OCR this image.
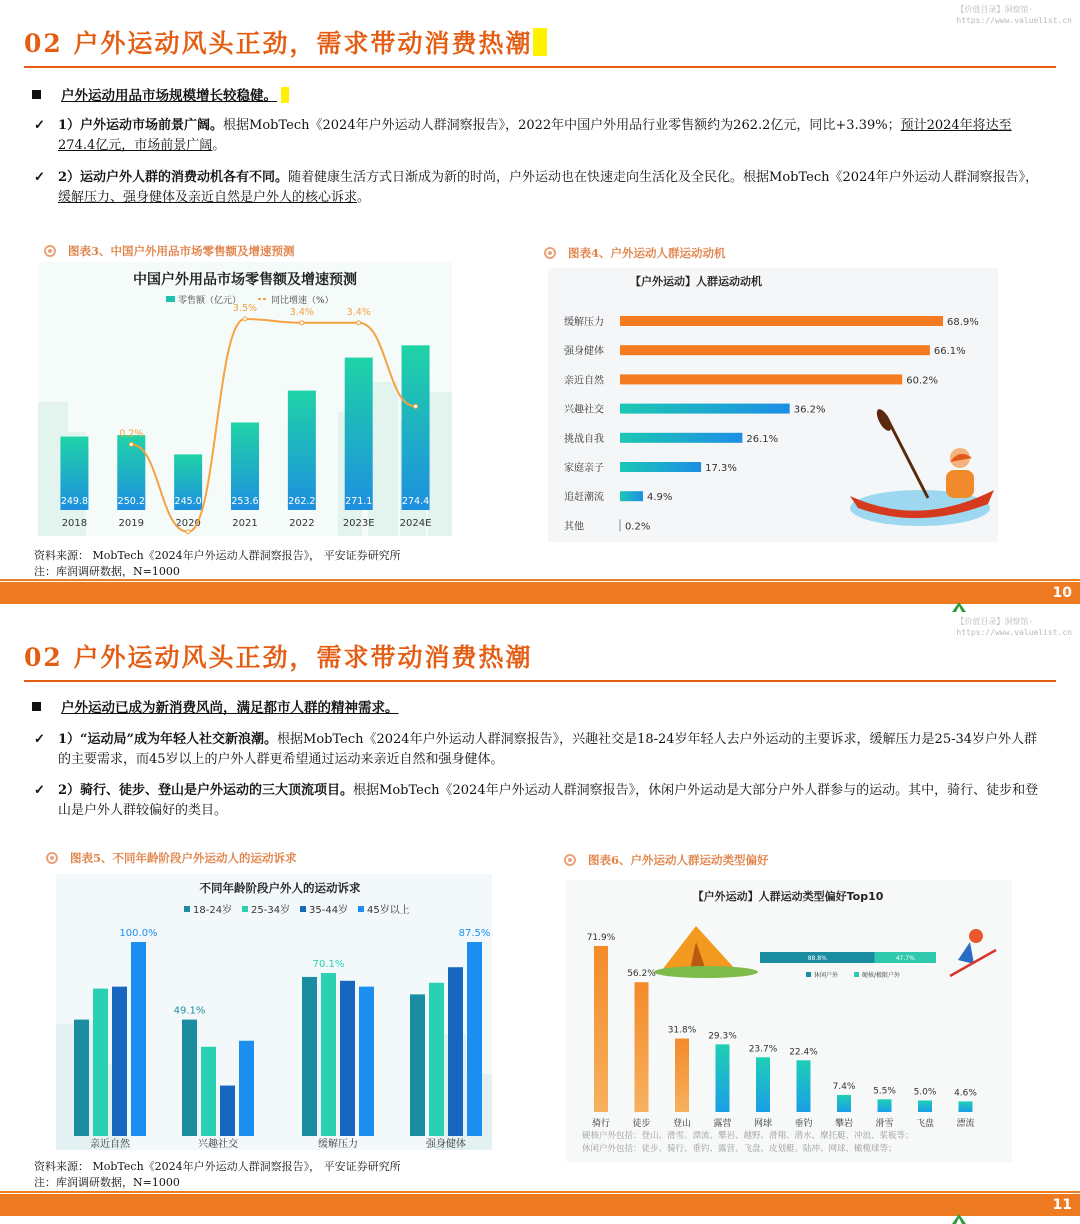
【价值目录】洞察馆·
https://www.valuelist.cn
02 户外运动风头正劲，需求带动消费热潮
户外运动用品市场规模增长较稳健。
✓ 1）户外运动市场前景广阔。根据MobTech《2024年户外运动人群洞察报告》，2022年中国户外用品行业零售额约为262.2亿元，同比+3.39%；预计2024年将达至274.4亿元，市场前景广阔。
✓ 2）运动户外人群的消费动机各有不同。随着健康生活方式日渐成为新的时尚，户外运动也在快速走向生活化及全民化。根据MobTech《2024年户外运动人群洞察报告》，缓解压力、强身健体及亲近自然是户外人的核心诉求。
图表3、中国户外用品市场零售额及增速预测	图表4、户外运动人群运动动机
中国户外用品市场零售额及增速预测
零售额（亿元）	同比增速（%）
249.8
2018
250.2
2019
245.0
2020
253.6
2021
262.2
2022
271.1
2023E
274.4
2024E
0.2%
3.5%	3.4%	3.4%
【户外运动】人群运动动机
缓解压力	68.9%
强身健体	66.1%
亲近自然	60.2%
兴趣社交	36.2%
挑战自我	26.1%
家庭亲子	17.3%
追赶潮流	4.9%
其他	0.2%
资料来源： MobTech《2024年户外运动人群洞察报告》， 平安证券研究所
注：库润调研数据，N=1000
10
【价值目录】洞察馆·
https://www.valuelist.cn
02 户外运动风头正劲，需求带动消费热潮
户外运动已成为新消费风尚，满足都市人群的精神需求。
✓ 1）“运动局”成为年轻人社交新浪潮。根据MobTech《2024年户外运动人群洞察报告》，兴趣社交是18-24岁年轻人去户外运动的主要诉求，缓解压力是25-34岁户外人群的主要需求，而45岁以上的户外人群更希望通过运动来亲近自然和强身健体。
✓ 2）骑行、徒步、登山是户外运动的三大顶流项目。根据MobTech《2024年户外运动人群洞察报告》，休闲户外运动是大部分户外人群参与的运动。其中，骑行、徒步和登山是户外人群较偏好的类目。
图表5、不同年龄阶段户外运动人的运动诉求	图表6、户外运动人群运动类型偏好
不同年龄阶段户外人的运动诉求
18-24岁 25-34岁 35-44岁 45岁以上
100.0%
亲近自然
49.1%
兴趣社交
70.1%
缓解压力
87.5%
强身健体
【户外运动】人群运动类型偏好Top10
88.8%	47.7%
休闲户外	硬核/极限户外
71.9%
骑行
56.2%
徒步
31.8%
登山
29.3%
露营
23.7%
网球
22.4%
垂钓
7.4%
攀岩
5.5%
滑雪
5.0%
飞盘
4.6%
漂流
硬核户外包括：登山、滑雪、漂流、攀岩、越野、滑翔、潜水、摩托艇、冲浪、桨板等；
休闲户外包括：徒步、骑行、垂钓、露营、飞盘、皮划艇、陆冲、网球、橄榄球等；
资料来源： MobTech《2024年户外运动人群洞察报告》， 平安证券研究所
注：库润调研数据，N=1000
11
